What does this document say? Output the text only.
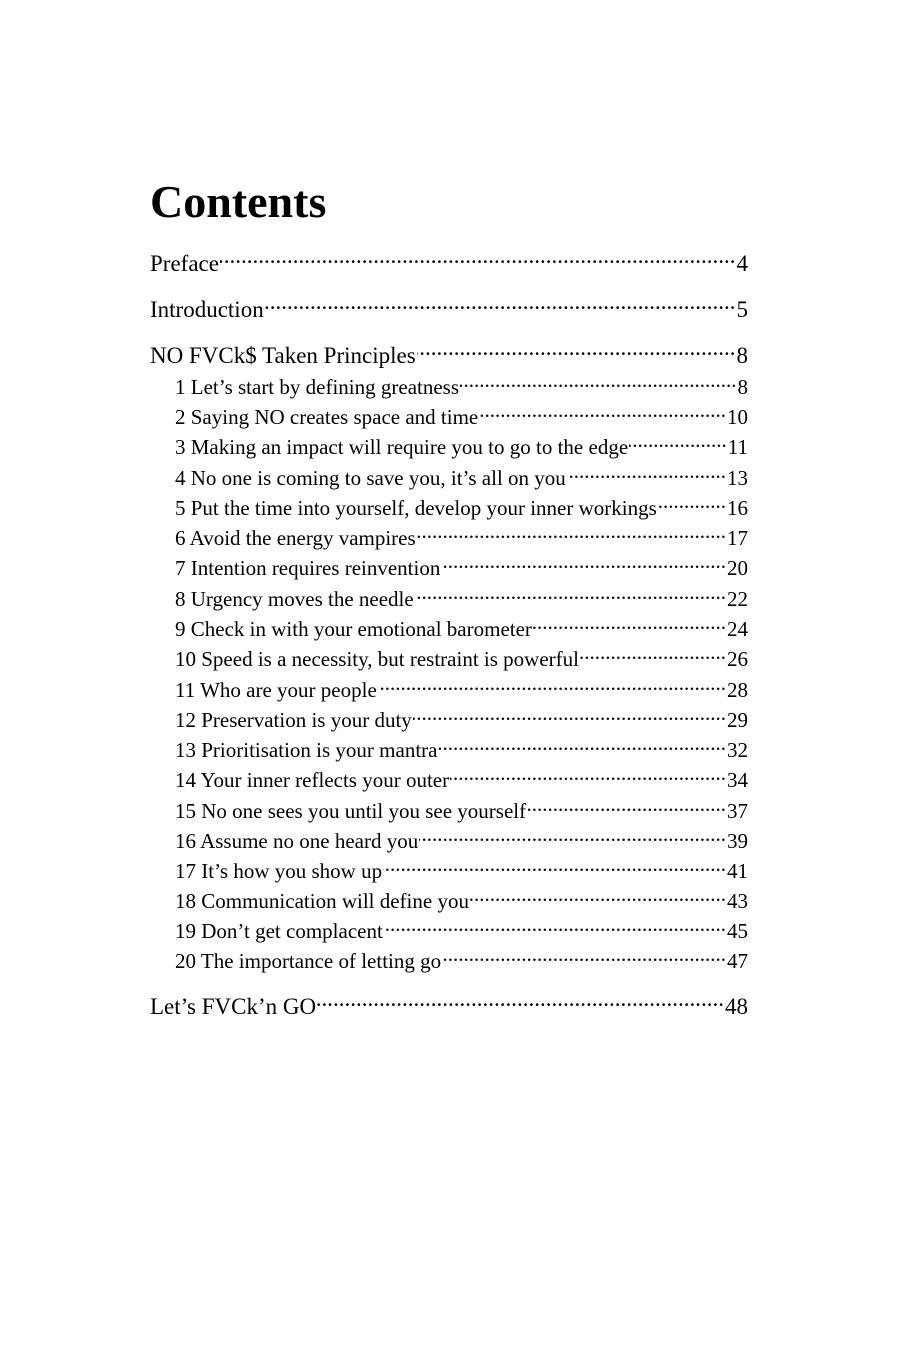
Contents
Preface .....	4
Introduction .....	5
NO FVCk$ Taken Principles .....	8
1 Let’s start by defining greatness .....	8
2 Saying NO creates space and time .....	10
3 Making an impact will require you to go to the edge .....	11
4 No one is coming to save you, it’s all on you .....	13
5 Put the time into yourself, develop your inner workings .....	16
6 Avoid the energy vampires .....	17
7 Intention requires reinvention .....	20
8 Urgency moves the needle .....	22
9 Check in with your emotional barometer .....	24
10 Speed is a necessity, but restraint is powerful .....	26
11 Who are your people .....	28
12 Preservation is your duty .....	29
13 Prioritisation is your mantra .....	32
14 Your inner reflects your outer .....	34
15 No one sees you until you see yourself .....	37
16 Assume no one heard you .....	39
17 It’s how you show up .....	41
18 Communication will define you .....	43
19 Don’t get complacent .....	45
20 The importance of letting go .....	47
Let’s FVCk’n GO .....	48
